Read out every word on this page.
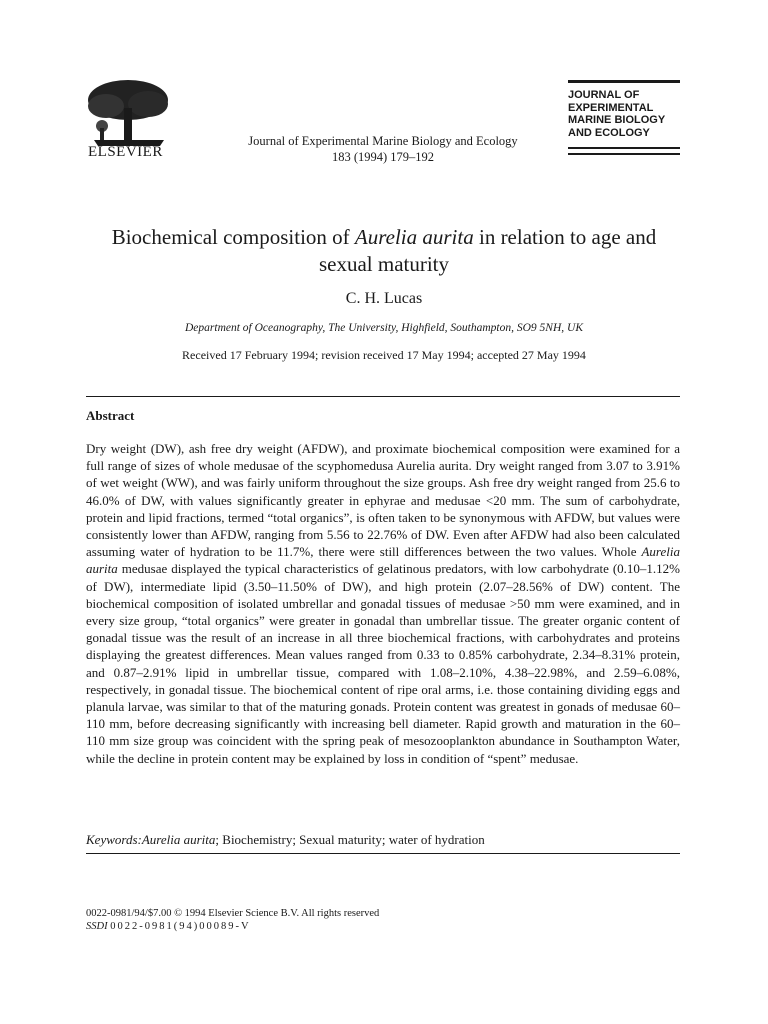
ELSEVIER
Journal of Experimental Marine Biology and Ecology
183 (1994) 179–192
JOURNAL OF
EXPERIMENTAL
MARINE BIOLOGY
AND ECOLOGY
Biochemical composition of Aurelia aurita in relation to age and sexual maturity
C. H. Lucas
Department of Oceanography, The University, Highfield, Southampton, SO9 5NH, UK
Received 17 February 1994; revision received 17 May 1994; accepted 27 May 1994
Abstract
Dry weight (DW), ash free dry weight (AFDW), and proximate biochemical composition were examined for a full range of sizes of whole medusae of the scyphomedusa Aurelia aurita. Dry weight ranged from 3.07 to 3.91% of wet weight (WW), and was fairly uniform throughout the size groups. Ash free dry weight ranged from 25.6 to 46.0% of DW, with values significantly greater in ephyrae and medusae <20 mm. The sum of carbohydrate, protein and lipid fractions, termed “total organics”, is often taken to be synonymous with AFDW, but values were consistently lower than AFDW, ranging from 5.56 to 22.76% of DW. Even after AFDW had also been calculated assuming water of hydration to be 11.7%, there were still differences between the two values. Whole Aurelia aurita medusae displayed the typical characteristics of gelatinous predators, with low carbohydrate (0.10–1.12% of DW), intermediate lipid (3.50–11.50% of DW), and high protein (2.07–28.56% of DW) content. The biochemical composition of isolated umbrellar and gonadal tissues of medusae >50 mm were examined, and in every size group, “total organics” were greater in gonadal than umbrellar tissue. The greater organic content of gonadal tissue was the result of an increase in all three biochemical fractions, with carbohydrates and proteins displaying the greatest differences. Mean values ranged from 0.33 to 0.85% carbohydrate, 2.34–8.31% protein, and 0.87–2.91% lipid in umbrellar tissue, compared with 1.08–2.10%, 4.38–22.98%, and 2.59–6.08%, respectively, in gonadal tissue. The biochemical content of ripe oral arms, i.e. those containing dividing eggs and planula larvae, was similar to that of the maturing gonads. Protein content was greatest in gonads of medusae 60–110 mm, before decreasing significantly with increasing bell diameter. Rapid growth and maturation in the 60–110 mm size group was coincident with the spring peak of mesozooplankton abundance in Southampton Water, while the decline in protein content may be explained by loss in condition of “spent” medusae.
Keywords:Aurelia aurita; Biochemistry; Sexual maturity; water of hydration
0022-0981/94/$7.00 © 1994 Elsevier Science B.V. All rights reserved
SSDI 0022-0981(94)00089-V
